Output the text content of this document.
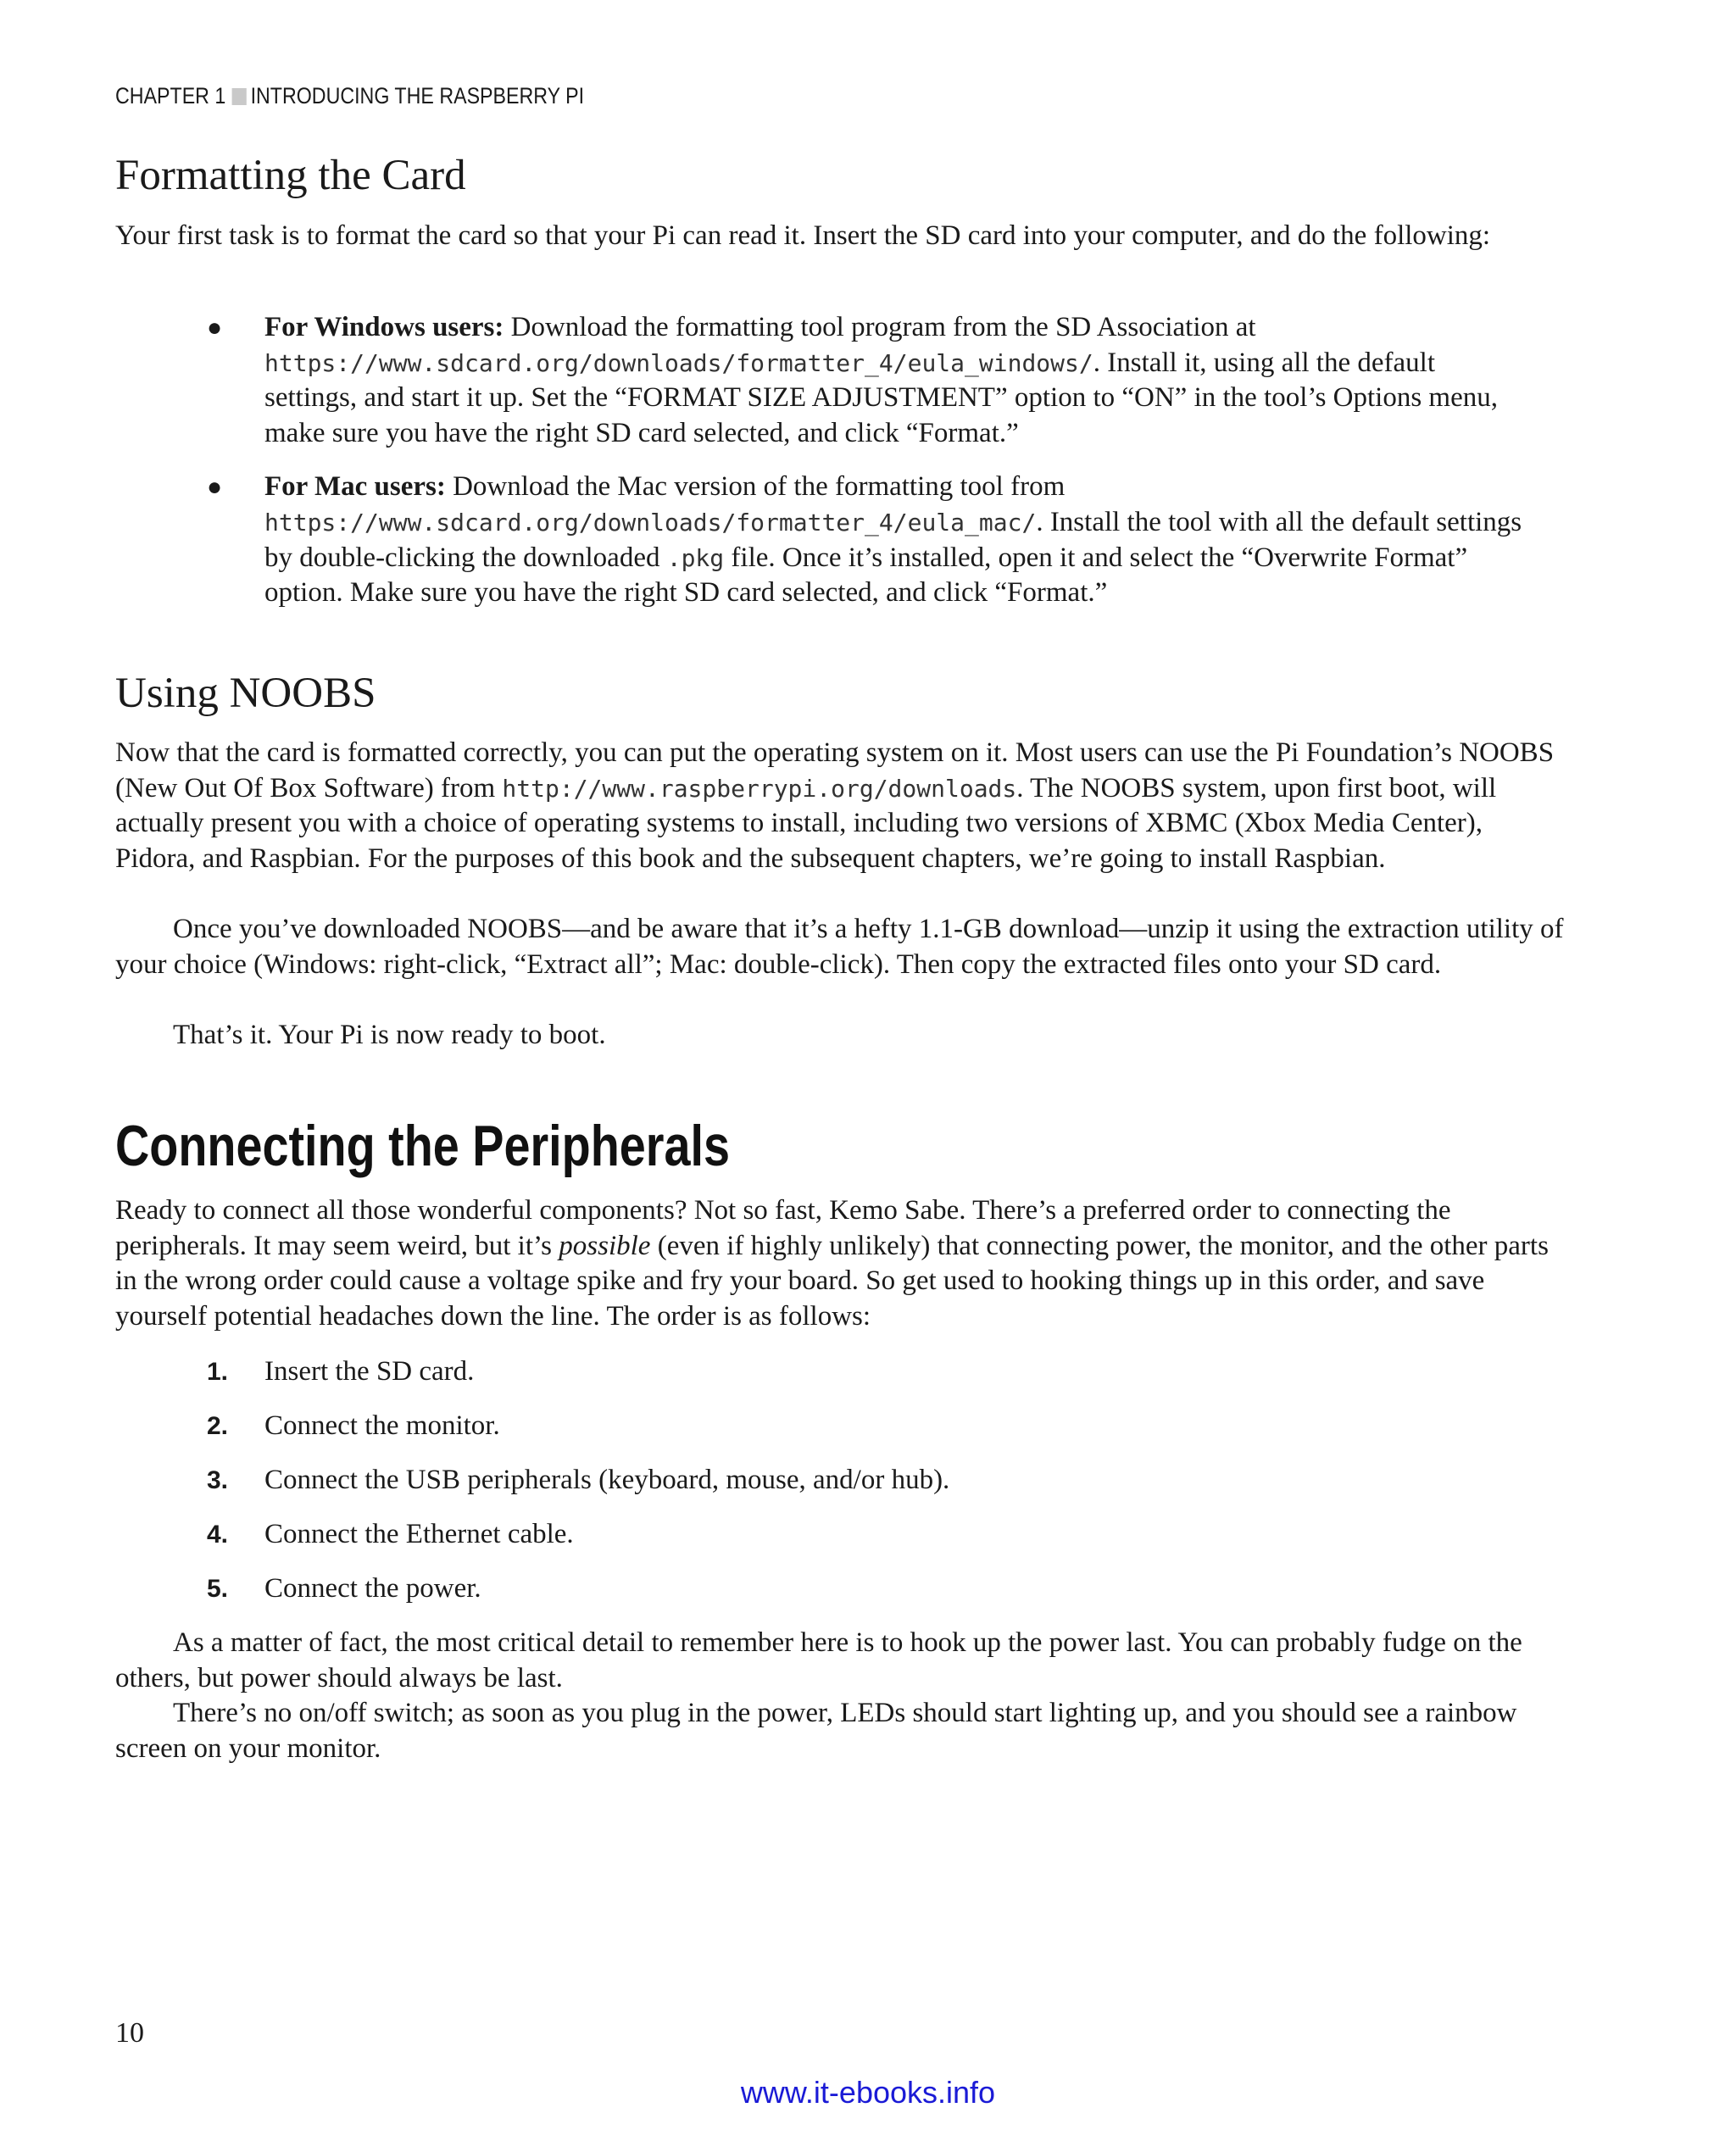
CHAPTER 1 INTRODUCING THE RASPBERRY PI
Formatting the Card

Your first task is to format the card so that your Pi can read it. Insert the SD card into your computer, and do the following:

● For Windows users: Download the formatting tool program from the SD Association at https://www.sdcard.org/downloads/formatter_4/eula_windows/. Install it, using all the default settings, and start it up. Set the “FORMAT SIZE ADJUSTMENT” option to “ON” in the tool’s Options menu, make sure you have the right SD card selected, and click “Format.”
● For Mac users: Download the Mac version of the formatting tool from https://www.sdcard.org/downloads/formatter_4/eula_mac/. Install the tool with all the default settings by double-clicking the downloaded .pkg file. Once it’s installed, open it and select the “Overwrite Format” option. Make sure you have the right SD card selected, and click “Format.”
Using NOOBS

Now that the card is formatted correctly, you can put the operating system on it. Most users can use the Pi Foundation’s NOOBS (New Out Of Box Software) from http://www.raspberrypi.org/downloads. The NOOBS system, upon first boot, will actually present you with a choice of operating systems to install, including two versions of XBMC (Xbox Media Center), Pidora, and Raspbian. For the purposes of this book and the subsequent chapters, we’re going to install Raspbian.

Once you’ve downloaded NOOBS—and be aware that it’s a hefty 1.1-GB download—unzip it using the extraction utility of your choice (Windows: right-click, “Extract all”; Mac: double-click). Then copy the extracted files onto your SD card.

That’s it. Your Pi is now ready to boot.

Connecting the Peripherals

Ready to connect all those wonderful components? Not so fast, Kemo Sabe. There’s a preferred order to connecting the peripherals. It may seem weird, but it’s possible (even if highly unlikely) that connecting power, the monitor, and the other parts in the wrong order could cause a voltage spike and fry your board. So get used to hooking things up in this order, and save yourself potential headaches down the line. The order is as follows:

1. Insert the SD card.
2. Connect the monitor.
3. Connect the USB peripherals (keyboard, mouse, and/or hub).
4. Connect the Ethernet cable.
5. Connect the power.

As a matter of fact, the most critical detail to remember here is to hook up the power last. You can probably fudge on the others, but power should always be last.

There’s no on/off switch; as soon as you plug in the power, LEDs should start lighting up, and you should see a rainbow screen on your monitor.

10
www.it-ebooks.info
